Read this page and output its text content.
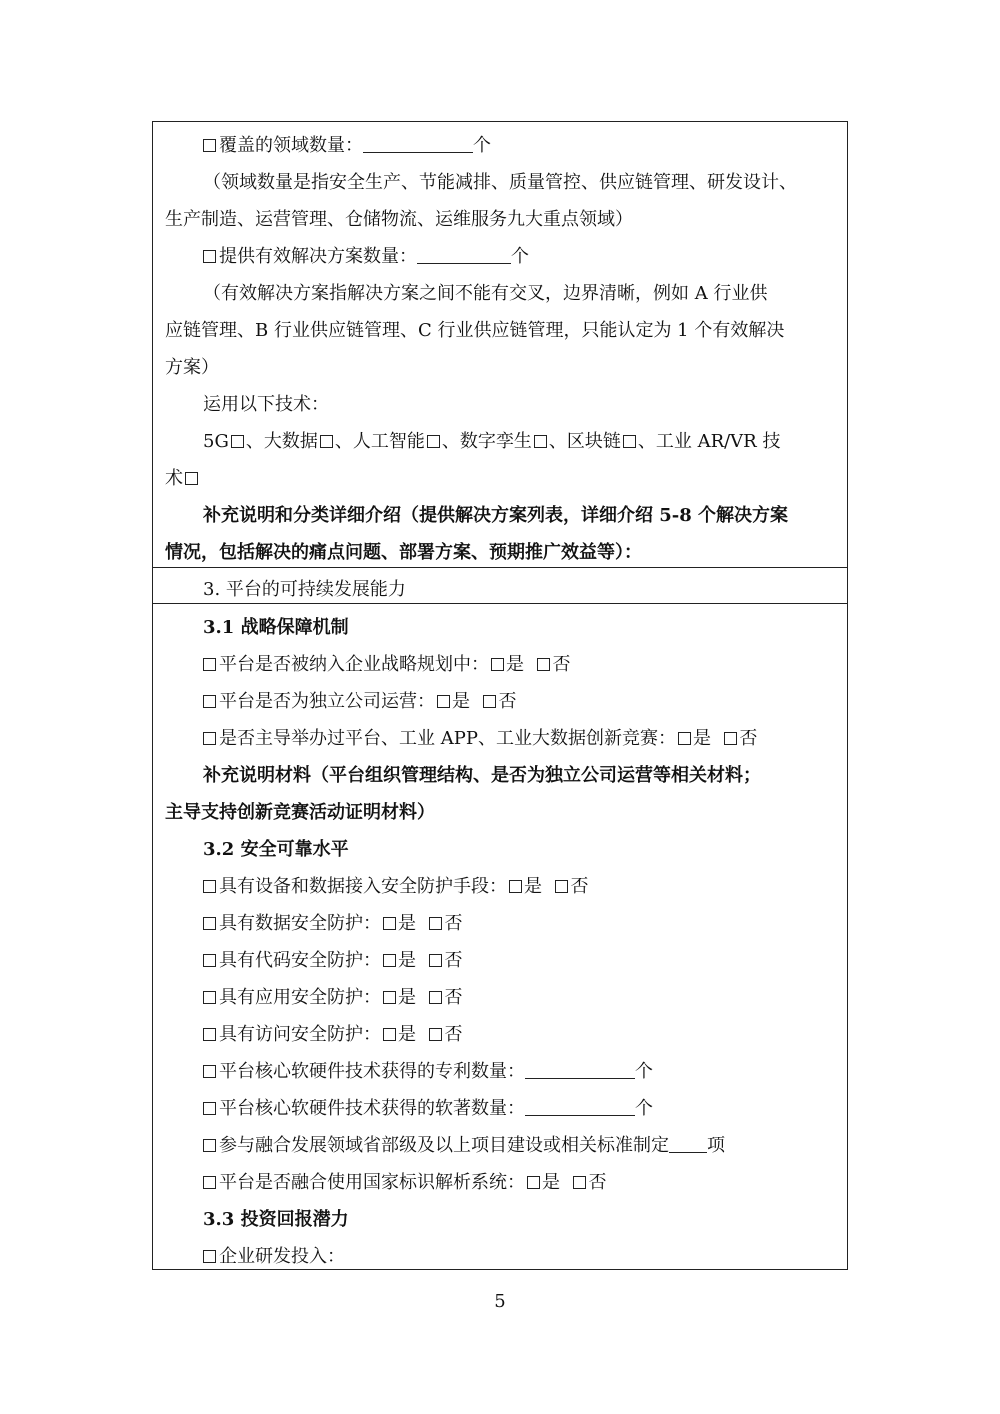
覆盖的领域数量：	个
（领域数量是指安全生产、节能减排、质量管控、供应链管理、研发设计、
生产制造、运营管理、仓储物流、运维服务九大重点领域）
提供有效解决方案数量：	个
（有效解决方案指解决方案之间不能有交叉，边界清晰，例如 A 行业供
应链管理、B 行业供应链管理、C 行业供应链管理，只能认定为 1 个有效解决
方案）
运用以下技术：
5G 、大数据 、人工智能 、数字孪生 、区块链 、工业 AR/VR 技
术
补充说明和分类详细介绍（提供解决方案列表，详细介绍 5-8 个解决方案
情况，包括解决的痛点问题、部署方案、预期推广效益等）：
3. 平台的可持续发展能力
3.1 战略保障机制
平台是否被纳入企业战略规划中： 是 否
平台是否为独立公司运营： 是 否
是否主导举办过平台、工业 APP、工业大数据创新竞赛： 是 否
补充说明材料（平台组织管理结构、是否为独立公司运营等相关材料；
主导支持创新竞赛活动证明材料）
3.2 安全可靠水平
具有设备和数据接入安全防护手段： 是 否
具有数据安全防护： 是 否
具有代码安全防护： 是 否
具有应用安全防护： 是 否
具有访问安全防护： 是 否
平台核心软硬件技术获得的专利数量：	个
平台核心软硬件技术获得的软著数量：	个
参与融合发展领域省部级及以上项目建设或相关标准制定 项
平台是否融合使用国家标识解析系统： 是 否
3.3 投资回报潜力
企业研发投入：
5
